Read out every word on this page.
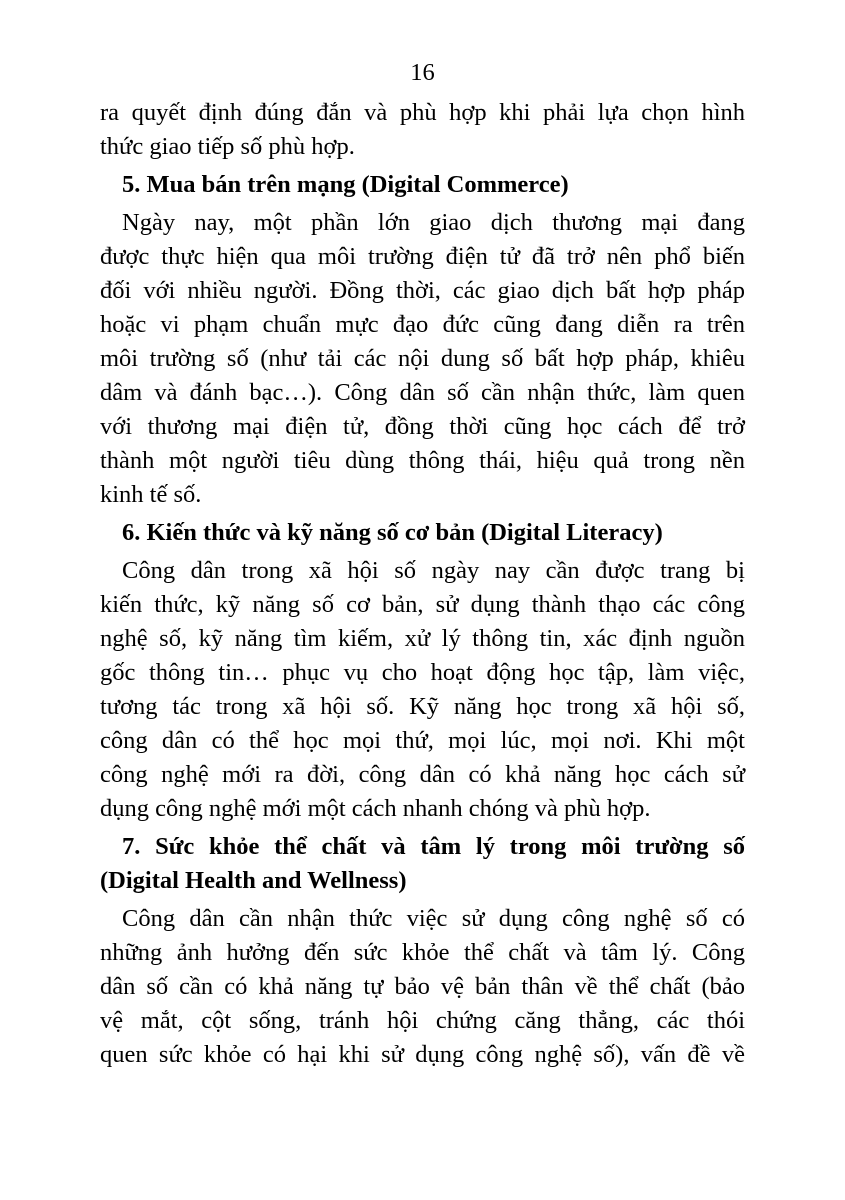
16
ra quyết định đúng đắn và phù hợp khi phải lựa chọn hình
thức giao tiếp số phù hợp.
5. Mua bán trên mạng (Digital Commerce)
Ngày nay, một phần lớn giao dịch thương mại đang
được thực hiện qua môi trường điện tử đã trở nên phổ biến
đối với nhiều người. Đồng thời, các giao dịch bất hợp pháp
hoặc vi phạm chuẩn mực đạo đức cũng đang diễn ra trên
môi trường số (như tải các nội dung số bất hợp pháp, khiêu
dâm và đánh bạc…). Công dân số cần nhận thức, làm quen
với thương mại điện tử, đồng thời cũng học cách để trở
thành một người tiêu dùng thông thái, hiệu quả trong nền
kinh tế số.
6. Kiến thức và kỹ năng số cơ bản (Digital Literacy)
Công dân trong xã hội số ngày nay cần được trang bị
kiến thức, kỹ năng số cơ bản, sử dụng thành thạo các công
nghệ số, kỹ năng tìm kiếm, xử lý thông tin, xác định nguồn
gốc thông tin… phục vụ cho hoạt động học tập, làm việc,
tương tác trong xã hội số. Kỹ năng học trong xã hội số,
công dân có thể học mọi thứ, mọi lúc, mọi nơi. Khi một
công nghệ mới ra đời, công dân có khả năng học cách sử
dụng công nghệ mới một cách nhanh chóng và phù hợp.
7. Sức khỏe thể chất và tâm lý trong môi trường số
(Digital Health and Wellness)
Công dân cần nhận thức việc sử dụng công nghệ số có
những ảnh hưởng đến sức khỏe thể chất và tâm lý. Công
dân số cần có khả năng tự bảo vệ bản thân về thể chất (bảo
vệ mắt, cột sống, tránh hội chứng căng thẳng, các thói
quen sức khỏe có hại khi sử dụng công nghệ số), vấn đề về
